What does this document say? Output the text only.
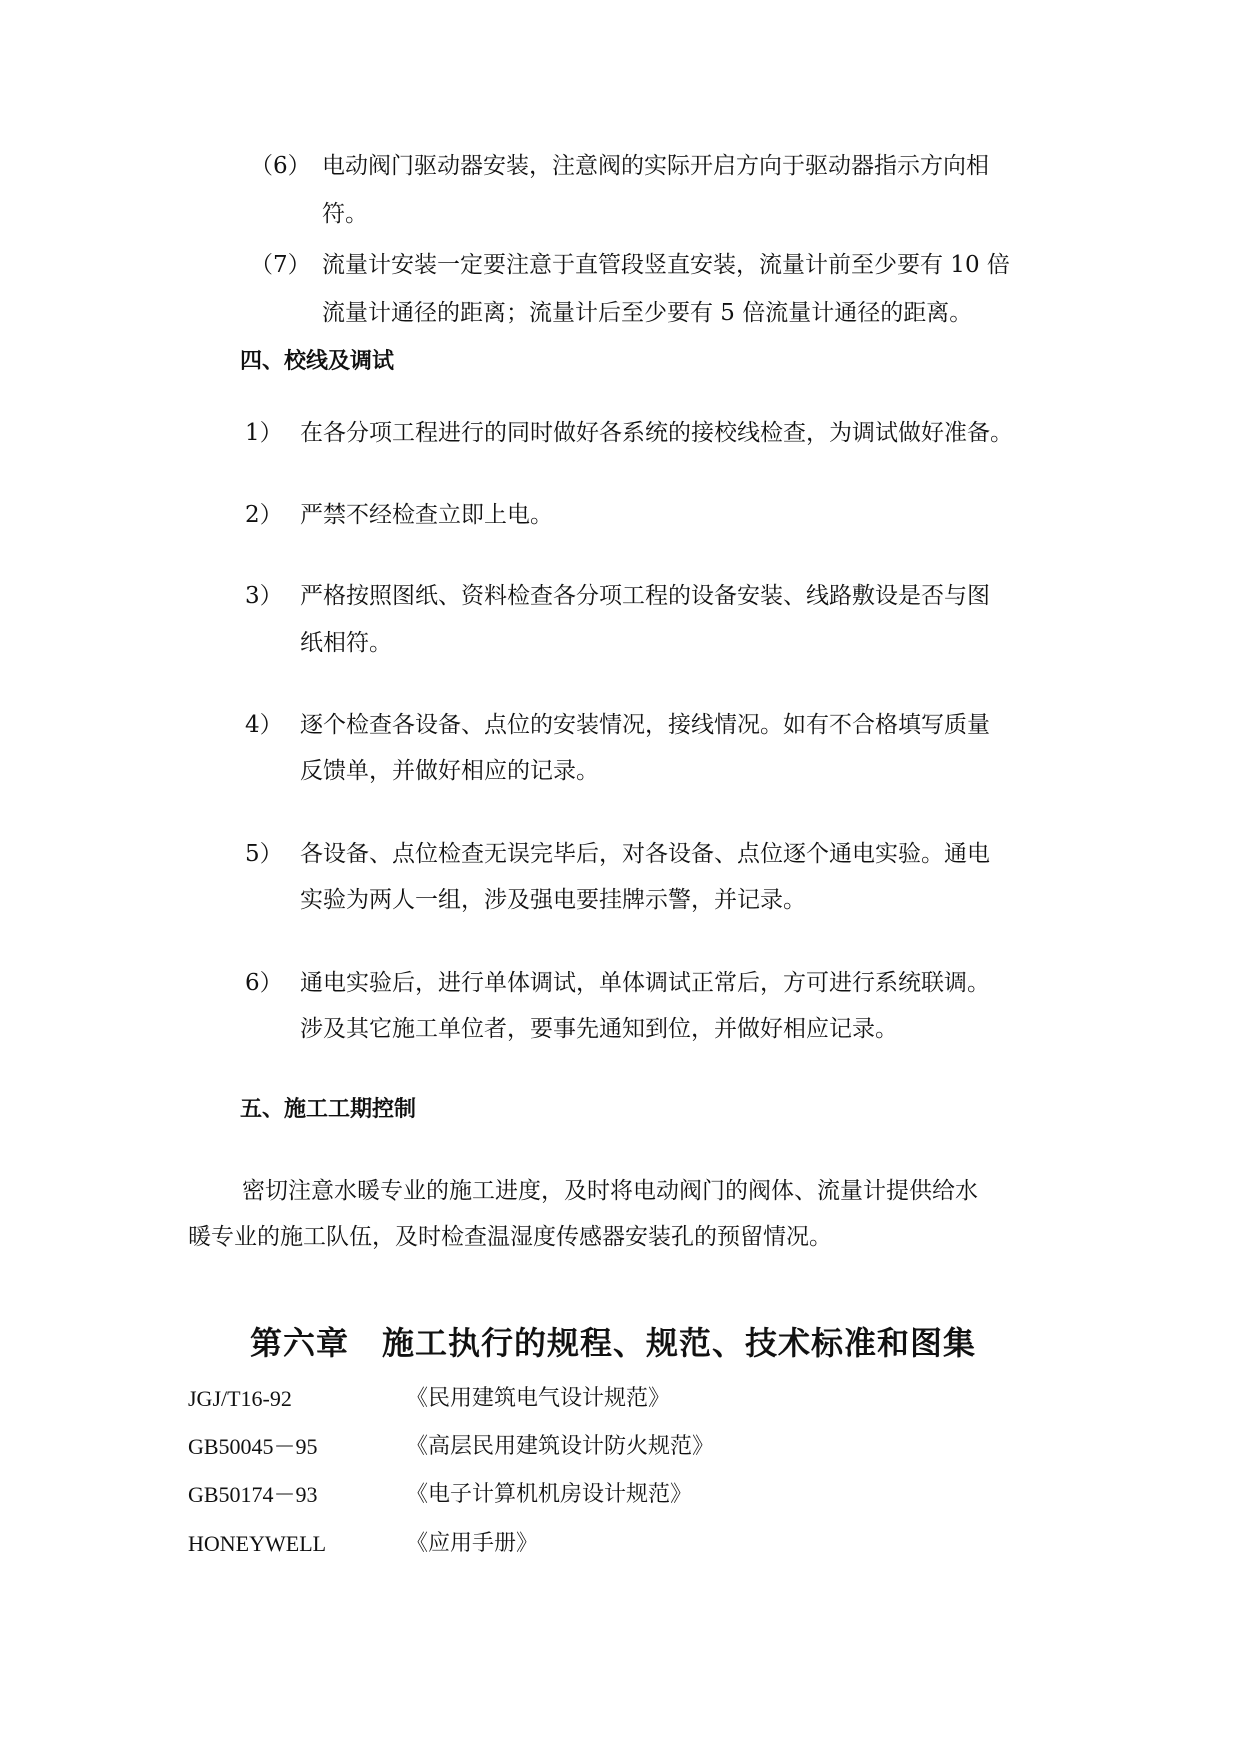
（6） 电动阀门驱动器安装，注意阀的实际开启方向于驱动器指示方向相
符。
（7） 流量计安装一定要注意于直管段竖直安装，流量计前至少要有 10 倍
流量计通径的距离；流量计后至少要有 5 倍流量计通径的距离。
四、校线及调试
1） 在各分项工程进行的同时做好各系统的接校线检查，为调试做好准备。
2） 严禁不经检查立即上电。
3） 严格按照图纸、资料检查各分项工程的设备安装、线路敷设是否与图
纸相符。
4） 逐个检查各设备、点位的安装情况，接线情况。如有不合格填写质量
反馈单，并做好相应的记录。
5） 各设备、点位检查无误完毕后，对各设备、点位逐个通电实验。通电
实验为两人一组，涉及强电要挂牌示警，并记录。
6） 通电实验后，进行单体调试，单体调试正常后，方可进行系统联调。
涉及其它施工单位者，要事先通知到位，并做好相应记录。
五、施工工期控制
密切注意水暖专业的施工进度，及时将电动阀门的阀体、流量计提供给水
暖专业的施工队伍，及时检查温湿度传感器安装孔的预留情况。
第六章　施工执行的规程、规范、技术标准和图集
JGJ/T16-92	《民用建筑电气设计规范》
GB50045－95	《高层民用建筑设计防火规范》
GB50174－93	《电子计算机机房设计规范》
HONEYWELL	《应用手册》
